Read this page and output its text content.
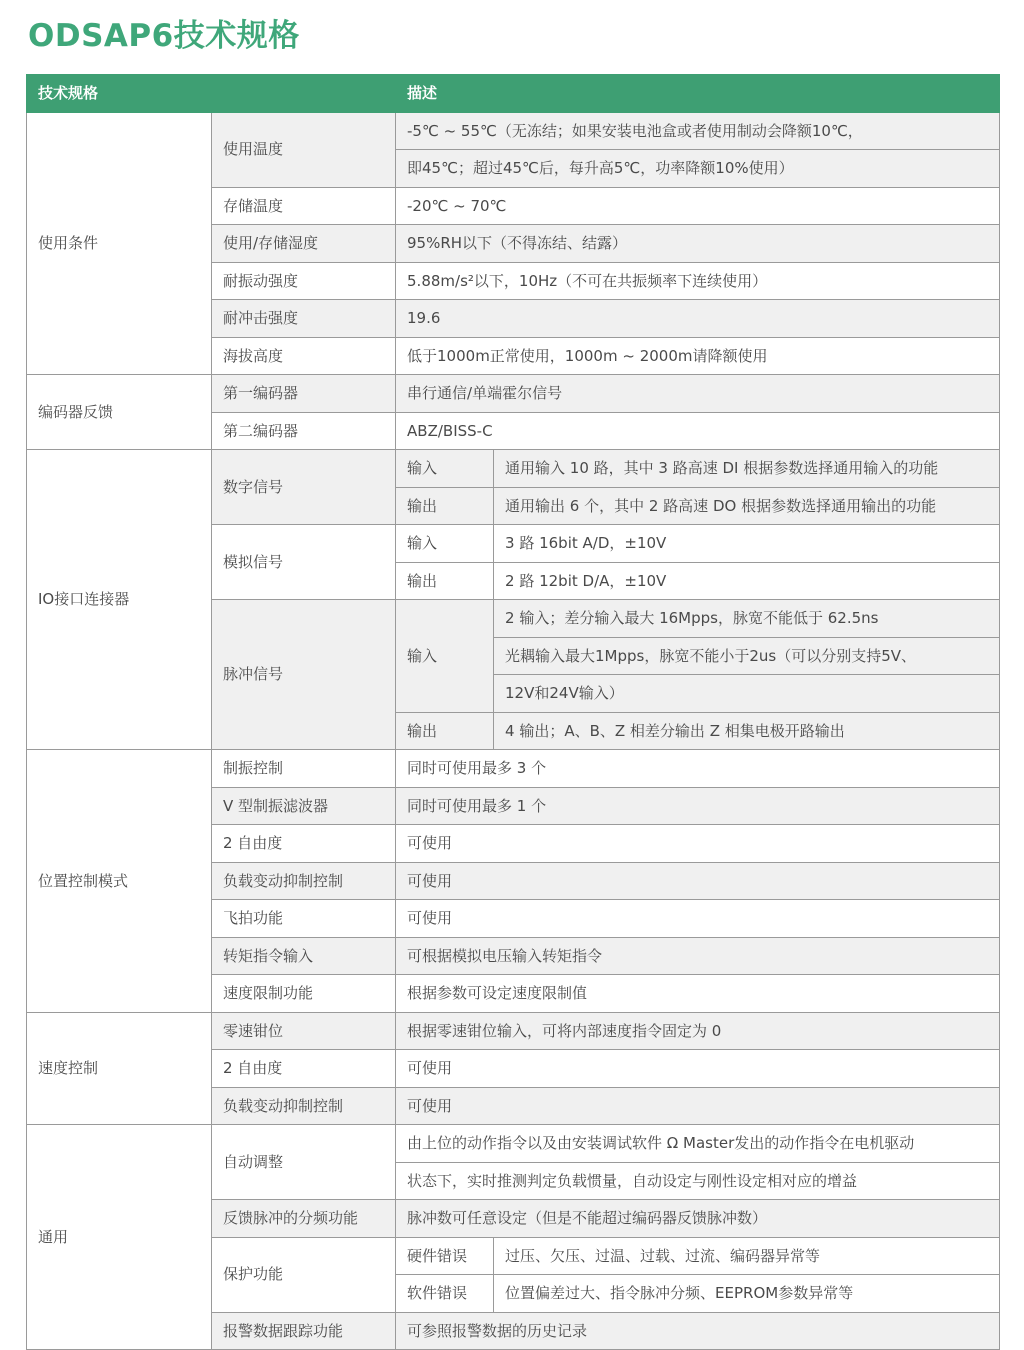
ODSAP6技术规格
技术规格		描述	
使用条件	使用温度	-5℃ ~ 55℃（无冻结；如果安装电池盒或者使用制动会降额10℃，	
		即45℃；超过45℃后，每升高5℃，功率降额10%使用）	
	存储温度	-20℃ ~ 70℃	
	使用/存储湿度	95%RH以下（不得冻结、结露）	
	耐振动强度	5.88m/s²以下，10Hz（不可在共振频率下连续使用）	
	耐冲击强度	19.6	
	海拔高度	低于1000m正常使用，1000m ~ 2000m请降额使用	
编码器反馈	第一编码器	串行通信/单端霍尔信号	
	第二编码器	ABZ/BISS-C	
IO接口连接器	数字信号	输入	通用输入 10 路，其中 3 路高速 DI 根据参数选择通用输入的功能
		输出	通用输出 6 个，其中 2 路高速 DO 根据参数选择通用输出的功能
	模拟信号	输入	3 路 16bit A/D，±10V
		输出	2 路 12bit D/A，±10V
	脉冲信号	输入	2 输入；差分输入最大 16Mpps，脉宽不能低于 62.5ns
			光耦输入最大1Mpps，脉宽不能小于2us（可以分别支持5V、
			12V和24V输入）
		输出	4 输出；A、B、Z 相差分输出 Z 相集电极开路输出
位置控制模式	制振控制	同时可使用最多 3 个	
	V 型制振滤波器	同时可使用最多 1 个	
	2 自由度	可使用	
	负载变动抑制控制	可使用	
	飞拍功能	可使用	
	转矩指令输入	可根据模拟电压输入转矩指令	
	速度限制功能	根据参数可设定速度限制值	
速度控制	零速钳位	根据零速钳位输入，可将内部速度指令固定为 0	
	2 自由度	可使用	
	负载变动抑制控制	可使用	
通用	自动调整	由上位的动作指令以及由安装调试软件 Ω Master发出的动作指令在电机驱动	
		状态下，实时推测判定负载惯量，自动设定与刚性设定相对应的增益	
	反馈脉冲的分频功能	脉冲数可任意设定（但是不能超过编码器反馈脉冲数）	
	保护功能	硬件错误	过压、欠压、过温、过载、过流、编码器异常等
		软件错误	位置偏差过大、指令脉冲分频、EEPROM参数异常等
	报警数据跟踪功能	可参照报警数据的历史记录	
